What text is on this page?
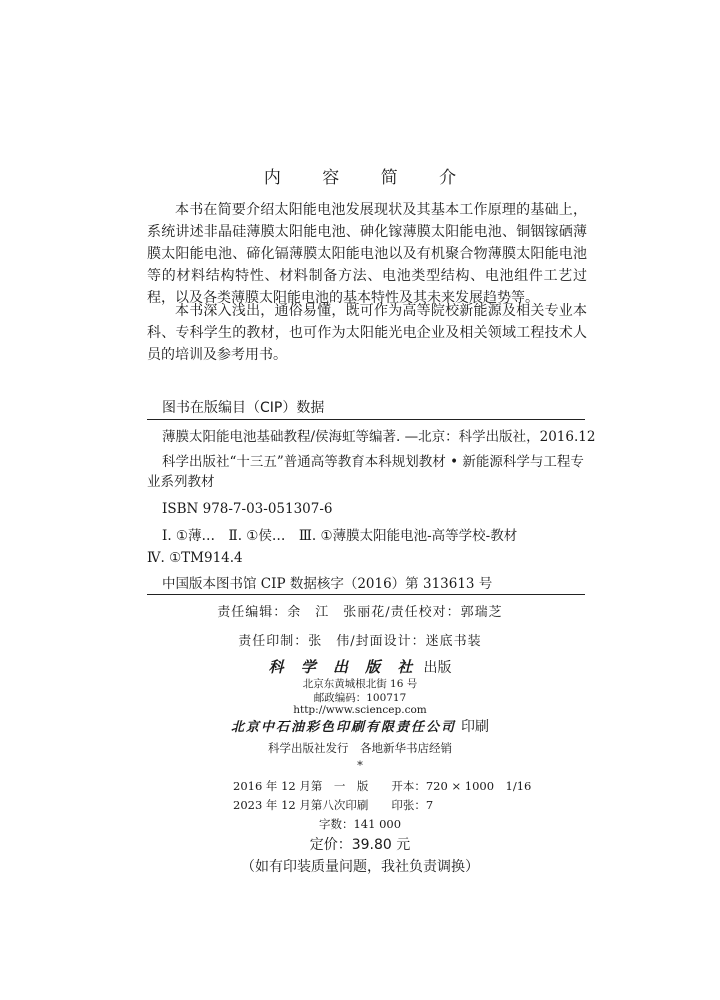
内 容 简 介
本书在简要介绍太阳能电池发展现状及其基本工作原理的基础上，系统讲述非晶硅薄膜太阳能电池、砷化镓薄膜太阳能电池、铜铟镓硒薄膜太阳能电池、碲化镉薄膜太阳能电池以及有机聚合物薄膜太阳能电池等的材料结构特性、材料制备方法、电池类型结构、电池组件工艺过程，以及各类薄膜太阳能电池的基本特性及其未来发展趋势等。
本书深入浅出，通俗易懂，既可作为高等院校新能源及相关专业本科、专科学生的教材，也可作为太阳能光电企业及相关领域工程技术人员的培训及参考用书。
图书在版编目（CIP）数据
薄膜太阳能电池基础教程/侯海虹等编著. —北京：科学出版社，2016.12
科学出版社“十三五”普通高等教育本科规划教材 • 新能源科学与工程专业系列教材
ISBN 978-7-03-051307-6
Ⅰ. ①薄…　Ⅱ. ①侯…　Ⅲ. ①薄膜太阳能电池-高等学校-教材
Ⅳ. ①TM914.4
中国版本图书馆 CIP 数据核字（2016）第 313613 号
责任编辑：余　江　张丽花/责任校对：郭瑞芝
责任印制：张　伟/封面设计：迷底书装
科 学 出 版 社 出版
北京东黄城根北街 16 号
邮政编码：100717
http://www.sciencep.com
北京中石油彩色印刷有限责任公司 印刷
科学出版社发行　各地新华书店经销
*
2016 年 12 月第　一　版　　开本：720 × 1000　1/16
2023 年 12 月第八次印刷　　印张：7
字数：141 000
定价：39.80 元
（如有印装质量问题，我社负责调换）
